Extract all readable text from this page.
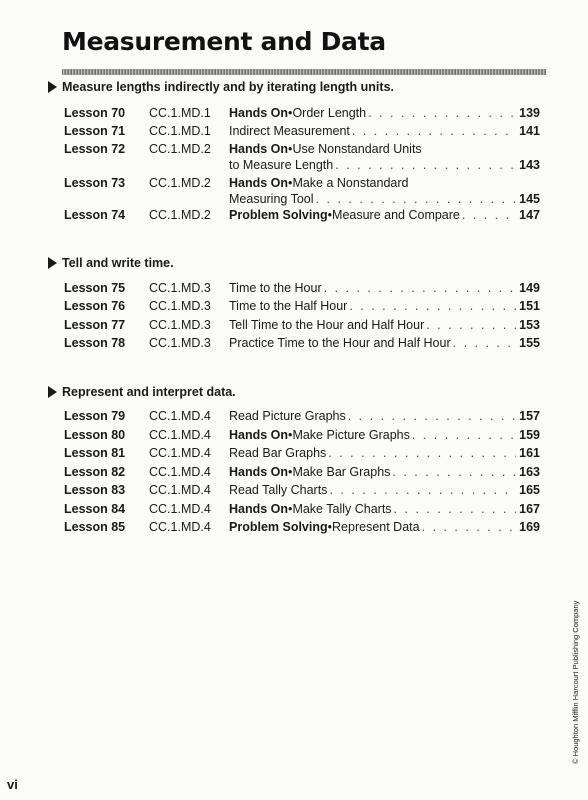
Measurement and Data
Measure lengths indirectly and by iterating length units.
Lesson 70 CC.1.MD.1 Hands On • Order Length . . .	139
Lesson 71 CC.1.MD.1 Indirect Measurement . . .	141
Lesson 72 CC.1.MD.2 Hands On • Use Nonstandard Units
to Measure Length . . .	143
Lesson 73 CC.1.MD.2 Hands On • Make a Nonstandard
Measuring Tool . . .	145
Lesson 74 CC.1.MD.2 Problem Solving • Measure and Compare . . .	147
Tell and write time.
Lesson 75 CC.1.MD.3 Time to the Hour . . .	149
Lesson 76 CC.1.MD.3 Time to the Half Hour . . .	151
Lesson 77 CC.1.MD.3 Tell Time to the Hour and Half Hour . . .	153
Lesson 78 CC.1.MD.3 Practice Time to the Hour and Half Hour . . .	155
Represent and interpret data.
Lesson 79 CC.1.MD.4 Read Picture Graphs . . .	157
Lesson 80 CC.1.MD.4 Hands On • Make Picture Graphs . . .	159
Lesson 81 CC.1.MD.4 Read Bar Graphs . . .	161
Lesson 82 CC.1.MD.4 Hands On • Make Bar Graphs . . .	163
Lesson 83 CC.1.MD.4 Read Tally Charts . . .	165
Lesson 84 CC.1.MD.4 Hands On • Make Tally Charts . . .	167
Lesson 85 CC.1.MD.4 Problem Solving • Represent Data . . .	169
© Houghton Mifflin Harcourt Publishing Company
vi
